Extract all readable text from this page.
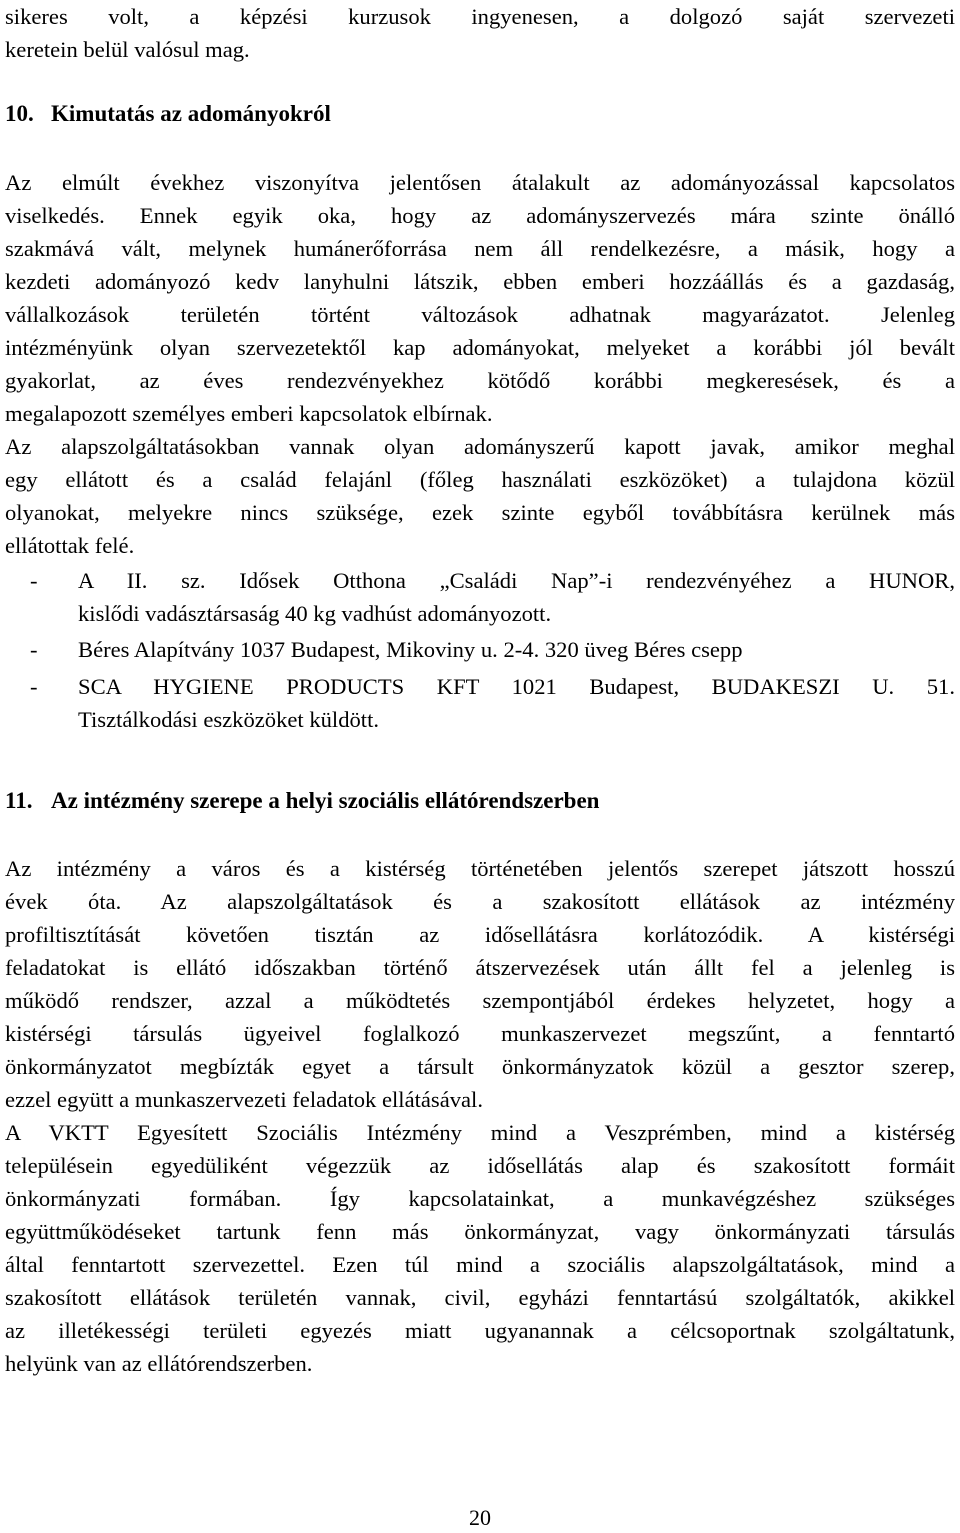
sikeres volt, a képzési kurzusok ingyenesen, a dolgozó saját szervezeti
keretein belül valósul mag.
10. Kimutatás az adományokról
Az elmúlt évekhez viszonyítva jelentősen átalakult az adományozással kapcsolatos
viselkedés. Ennek egyik oka, hogy az adományszervezés mára szinte önálló
szakmává vált, melynek humánerőforrása nem áll rendelkezésre, a másik, hogy a
kezdeti adományozó kedv lanyhulni látszik, ebben emberi hozzáállás és a gazdaság,
vállalkozások területén történt változások adhatnak magyarázatot. Jelenleg
intézményünk olyan szervezetektől kap adományokat, melyeket a korábbi jól bevált
gyakorlat, az éves rendezvényekhez kötődő korábbi megkeresések, és a
megalapozott személyes emberi kapcsolatok elbírnak.
Az alapszolgáltatásokban vannak olyan adományszerű kapott javak, amikor meghal
egy ellátott és a család felajánl (főleg használati eszközöket) a tulajdona közül
olyanokat, melyekre nincs szüksége, ezek szinte egyből továbbításra kerülnek más
ellátottak felé.
-	A II. sz. Idősek Otthona „Családi Nap”-i rendezvényéhez a HUNOR,
kislődi vadásztársaság 40 kg vadhúst adományozott.
-	Béres Alapítvány 1037 Budapest, Mikoviny u. 2-4. 320 üveg Béres csepp
-	SCA HYGIENE PRODUCTS KFT 1021 Budapest, BUDAKESZI U. 51.
Tisztálkodási eszközöket küldött.
11. Az intézmény szerepe a helyi szociális ellátórendszerben
Az intézmény a város és a kistérség történetében jelentős szerepet játszott hosszú
évek óta. Az alapszolgáltatások és a szakosított ellátások az intézmény
profiltisztítását követően tisztán az idősellátásra korlátozódik. A kistérségi
feladatokat is ellátó időszakban történő átszervezések után állt fel a jelenleg is
működő rendszer, azzal a működtetés szempontjából érdekes helyzetet, hogy a
kistérségi társulás ügyeivel foglalkozó munkaszervezet megszűnt, a fenntartó
önkormányzatot megbízták egyet a társult önkormányzatok közül a gesztor szerep,
ezzel együtt a munkaszervezeti feladatok ellátásával.
A VKTT Egyesített Szociális Intézmény mind a Veszprémben, mind a kistérség
településein egyedüliként végezzük az idősellátás alap és szakosított formáit
önkormányzati formában. Így kapcsolatainkat, a munkavégzéshez szükséges
együttműködéseket tartunk fenn más önkormányzat, vagy önkormányzati társulás
által fenntartott szervezettel. Ezen túl mind a szociális alapszolgáltatások, mind a
szakosított ellátások területén vannak, civil, egyházi fenntartású szolgáltatók, akikkel
az illetékességi területi egyezés miatt ugyanannak a célcsoportnak szolgáltatunk,
helyünk van az ellátórendszerben.
20
